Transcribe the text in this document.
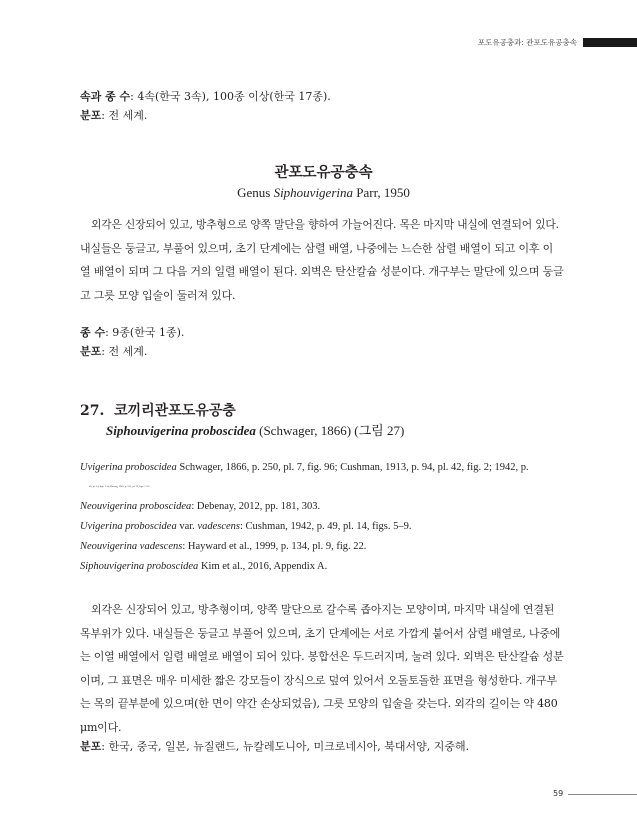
포도유공충과: 관포도유공충속
속과 종 수: 4속(한국 3속), 100종 이상(한국 17종).
분포: 전 세계.
관포도유공충속
Genus Siphouvigerina Parr, 1950
외각은 신장되어 있고, 방추형으로 양쪽 말단을 향하여 가늘어진다. 목은 마지막 내실에 연결되어 있다.
내실들은 둥글고, 부풀어 있으며, 초기 단계에는 삼렬 배열, 나중에는 느슨한 삼렬 배열이 되고 이후 이
열 배열이 되며 그 다음 거의 일렬 배열이 된다. 외벽은 탄산칼슘 성분이다. 개구부는 말단에 있으며 둥글
고 그릇 모양 입술이 둘러져 있다.
종 수: 9종(한국 1종).
분포: 전 세계.
27. 코끼리관포도유공충
Siphouvigerina proboscidea (Schwager, 1866) (그림 27)
Uvigerina proboscidea Schwager, 1866, p. 250, pl. 7, fig. 96; Cushman, 1913, p. 94, pl. 42, fig. 2; 1942, p.
49, pl. 14, figs. 1–4; Cheong, 1991, p. 211, pl. 22, figs. 7–12.
Neouvigerina proboscidea: Debenay, 2012, pp. 181, 303.
Uvigerina proboscidea var. vadescens: Cushman, 1942, p. 49, pl. 14, figs. 5–9.
Neouvigerina vadescens: Hayward et al., 1999, p. 134, pl. 9, fig. 22.
Siphouvigerina proboscidea Kim et al., 2016, Appendix A.
외각은 신장되어 있고, 방추형이며, 양쪽 말단으로 갈수록 좁아지는 모양이며, 마지막 내실에 연결된
목부위가 있다. 내실들은 둥글고 부풀어 있으며, 초기 단계에는 서로 가깝게 붙어서 삼렬 배열로, 나중에
는 이열 배열에서 일렬 배열로 배열이 되어 있다. 봉합선은 두드러지며, 눌려 있다. 외벽은 탄산칼슘 성분
이며, 그 표면은 매우 미세한 짧은 강모들이 장식으로 덮여 있어서 오돌토돌한 표면을 형성한다. 개구부
는 목의 끝부분에 있으며(한 면이 약간 손상되었음), 그릇 모양의 입술을 갖는다. 외각의 길이는 약 480
μm이다.
분포: 한국, 중국, 일본, 뉴질랜드, 뉴칼레도니아, 미크로네시아, 북대서양, 지중해.
59
